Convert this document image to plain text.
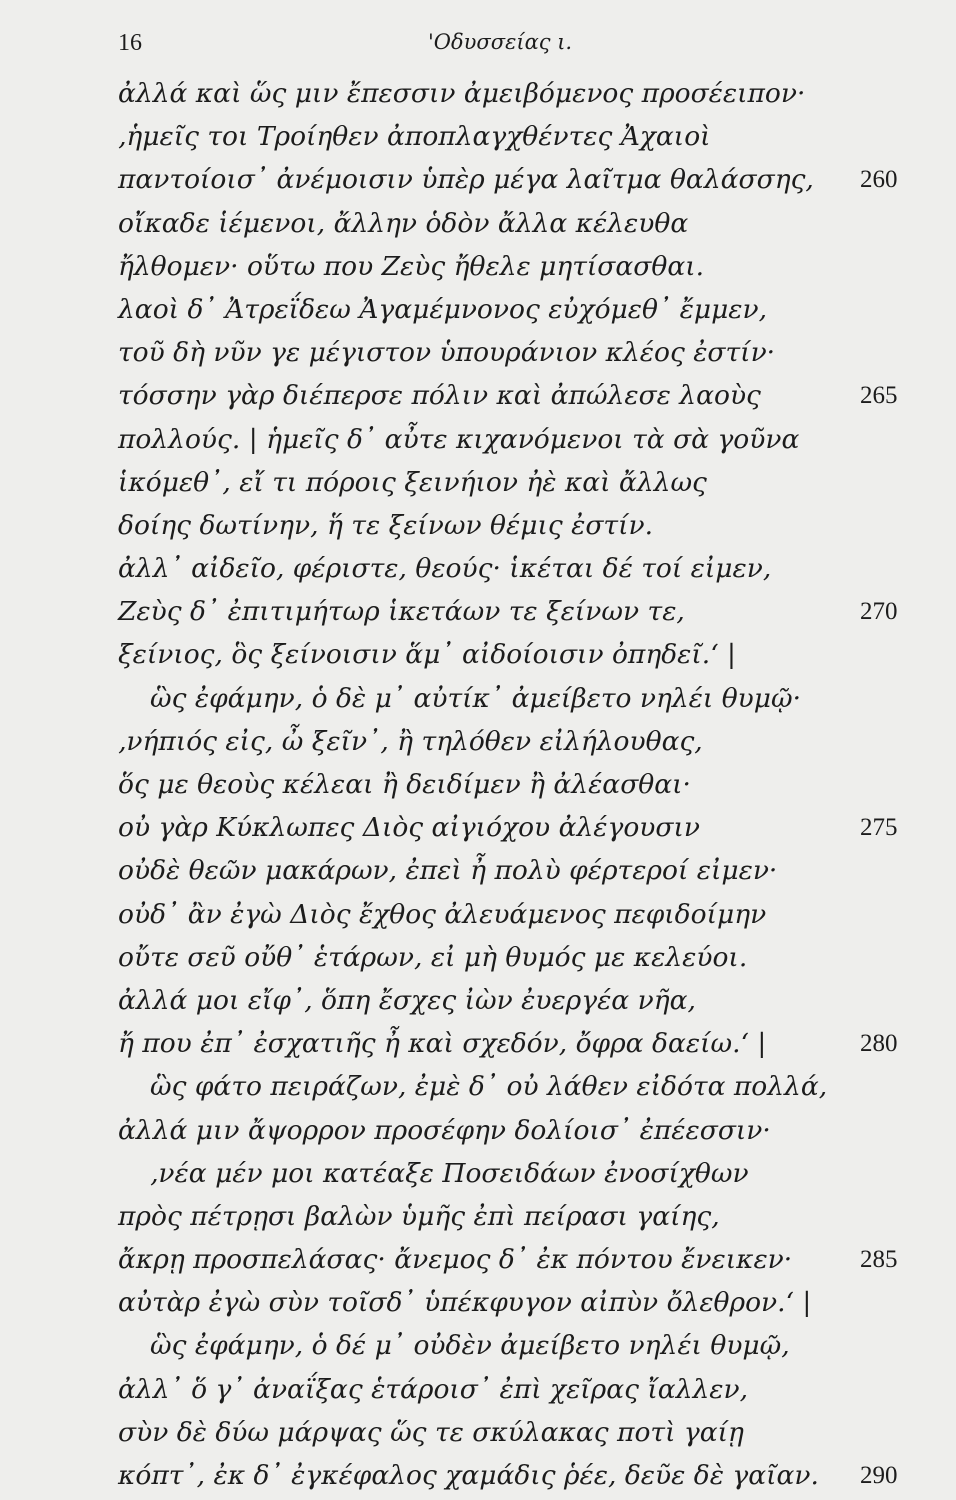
16	'Οδυσσείας ι.
ἀλλά καὶ ὥς μιν ἔπεσσιν ἀμειβόμενος προσέειπον·
‚ἡμεῖς τοι Τροίηθεν ἀποπλαγχθέντες Ἀχαιοὶ
παντοίοισ᾽ ἀνέμοισιν ὑπὲρ μέγα λαῖτμα θαλάσσης, 260
οἴκαδε ἱέμενοι, ἄλλην ὁδὸν ἄλλα κέλευθα
ἤλθομεν· οὕτω που Ζεὺς ἤθελε μητίσασθαι.
λαοὶ δ᾽ Ἀτρεΐδεω Ἀγαμέμνονος εὐχόμεθ᾽ ἔμμεν,
τοῦ δὴ νῦν γε μέγιστον ὑπουράνιον κλέος ἐστίν·
τόσσην γὰρ διέπερσε πόλιν καὶ ἀπώλεσε λαοὺς	265
πολλούς. | ἡμεῖς δ᾽ αὖτε κιχανόμενοι τὰ σὰ γοῦνα
ἱκόμεθ᾽, εἴ τι πόροις ξεινήιον ἠὲ καὶ ἄλλως
δοίης δωτίνην, ἥ τε ξείνων θέμις ἐστίν.
ἀλλ᾽ αἰδεῖο, φέριστε, θεούς· ἱκέται δέ τοί εἰμεν,
Ζεὺς δ᾽ ἐπιτιμήτωρ ἱκετάων τε ξείνων τε,	270
ξείνιος, ὃς ξείνοισιν ἅμ᾽ αἰδοίοισιν ὀπηδεῖ.‘ |
ὣς ἐφάμην, ὁ δὲ μ᾽ αὐτίκ᾽ ἀμείβετο νηλέι θυμῷ·
‚νήπιός εἰς, ὦ ξεῖν᾽, ἢ τηλόθεν εἰλήλουθας,
ὅς με θεοὺς κέλεαι ἢ δειδίμεν ἢ ἀλέασθαι·
οὐ γὰρ Κύκλωπες Διὸς αἰγιόχου ἀλέγουσιν	275
οὐδὲ θεῶν μακάρων, ἐπεὶ ἦ πολὺ φέρτεροί εἰμεν·
οὐδ᾽ ἂν ἐγὼ Διὸς ἔχθος ἀλευάμενος πεφιδοίμην
οὔτε σεῦ οὔθ᾽ ἑτάρων, εἰ μὴ θυμός με κελεύοι.
ἀλλά μοι εἴφ᾽, ὅπη ἔσχες ἰὼν ἐυεργέα νῆα,
ἤ που ἐπ᾽ ἐσχατιῆς ἦ καὶ σχεδόν, ὄφρα δαείω.‘ |	280
ὣς φάτο πειράζων, ἐμὲ δ᾽ οὐ λάθεν εἰδότα πολλά,
ἀλλά μιν ἄψορρον προσέφην δολίοισ᾽ ἐπέεσσιν·
‚νέα μέν μοι κατέαξε Ποσειδάων ἐνοσίχθων
πρὸς πέτρῃσι βαλὼν ὑμῆς ἐπὶ πείρασι γαίης,
ἄκρῃ προσπελάσας· ἄνεμος δ᾽ ἐκ πόντου ἔνεικεν·	285
αὐτὰρ ἐγὼ σὺν τοῖσδ᾽ ὑπέκφυγον αἰπὺν ὄλεθρον.‘ |
ὣς ἐφάμην, ὁ δέ μ᾽ οὐδὲν ἀμείβετο νηλέι θυμῷ,
ἀλλ᾽ ὅ γ᾽ ἀναΐξας ἑτάροισ᾽ ἐπὶ χεῖρας ἴαλλεν,
σὺν δὲ δύω μάρψας ὥς τε σκύλακας ποτὶ γαίῃ
κόπτ᾽, ἐκ δ᾽ ἐγκέφαλος χαμάδις ῥέε, δεῦε δὲ γαῖαν. 290
